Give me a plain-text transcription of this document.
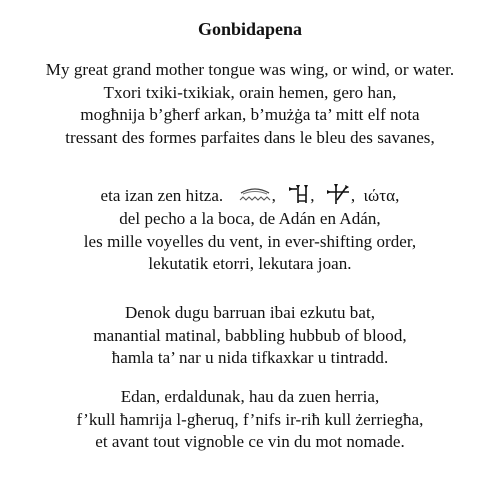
Gonbidapena
My great grand mother tongue was wing, or wind, or water.
Txori txiki-txikiak, orain hemen, gero han,
mogħnija b’għerf arkan, b’mużġa ta’ mitt elf nota
tressant des formes parfaites dans le bleu des savanes,
eta izan zen hitza.	, , , ιώτα,
del pecho a la boca, de Adán en Adán,
les mille voyelles du vent, in ever-shifting order,
lekutatik etorri, lekutara joan.
Denok dugu barruan ibai ezkutu bat,
manantial matinal, babbling hubbub of blood,
ħamla ta’ nar u nida tifkaxkar u tintradd.
Edan, erdaldunak, hau da zuen herria,
f’kull ħamrija l-għeruq, f’nifs ir-riħ kull żerriegħa,
et avant tout vignoble ce vin du mot nomade.
